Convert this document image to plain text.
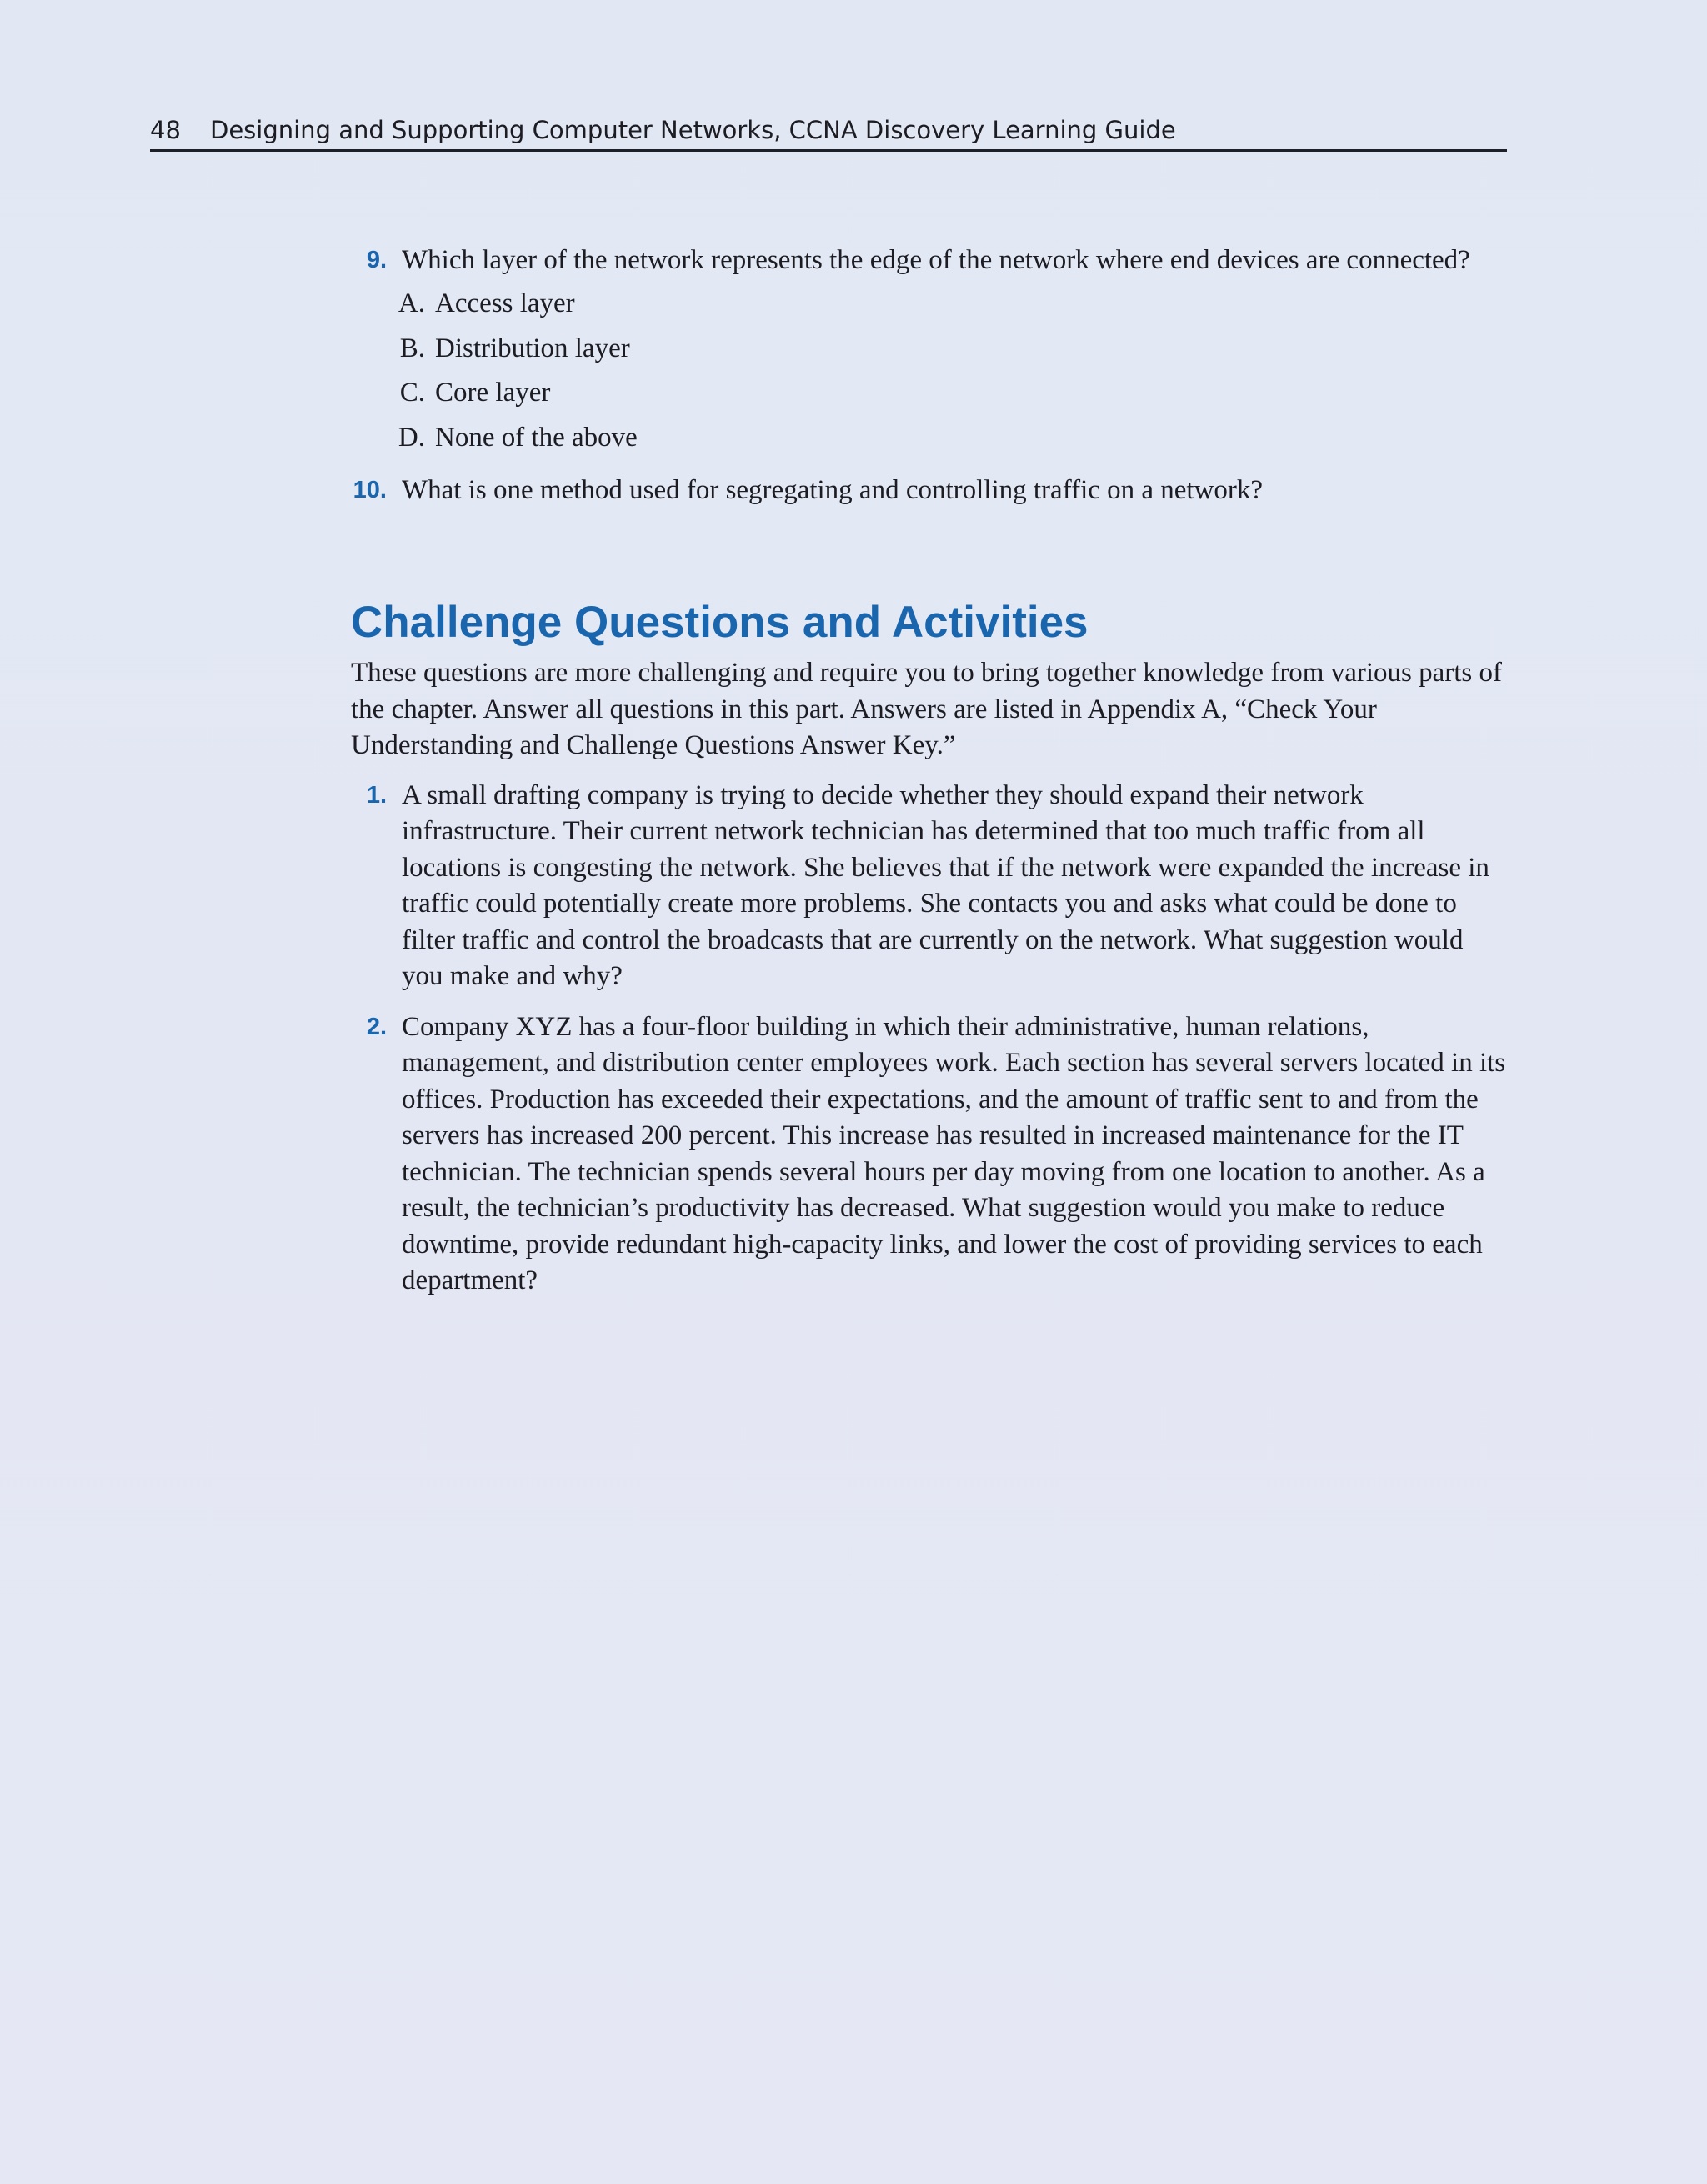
48 Designing and Supporting Computer Networks, CCNA Discovery Learning Guide
9. Which layer of the network represents the edge of the network where end devices are connected?
A. Access layer
B. Distribution layer
C. Core layer
D. None of the above
10. What is one method used for segregating and controlling traffic on a network?
Challenge Questions and Activities

These questions are more challenging and require you to bring together knowledge from various parts of the chapter. Answer all questions in this part. Answers are listed in Appendix A, “Check Your Understanding and Challenge Questions Answer Key.”

1. A small drafting company is trying to decide whether they should expand their network infrastructure. Their current network technician has determined that too much traffic from all locations is congesting the network. She believes that if the network were expanded the increase in traffic could potentially create more problems. She contacts you and asks what could be done to filter traffic and control the broadcasts that are currently on the network. What suggestion would you make and why?
2. Company XYZ has a four-floor building in which their administrative, human relations, management, and distribution center employees work. Each section has several servers located in its offices. Production has exceeded their expectations, and the amount of traffic sent to and from the servers has increased 200 percent. This increase has resulted in increased maintenance for the IT technician. The technician spends several hours per day moving from one location to another. As a result, the technician’s productivity has decreased. What suggestion would you make to reduce downtime, provide redundant high-capacity links, and lower the cost of providing services to each department?
